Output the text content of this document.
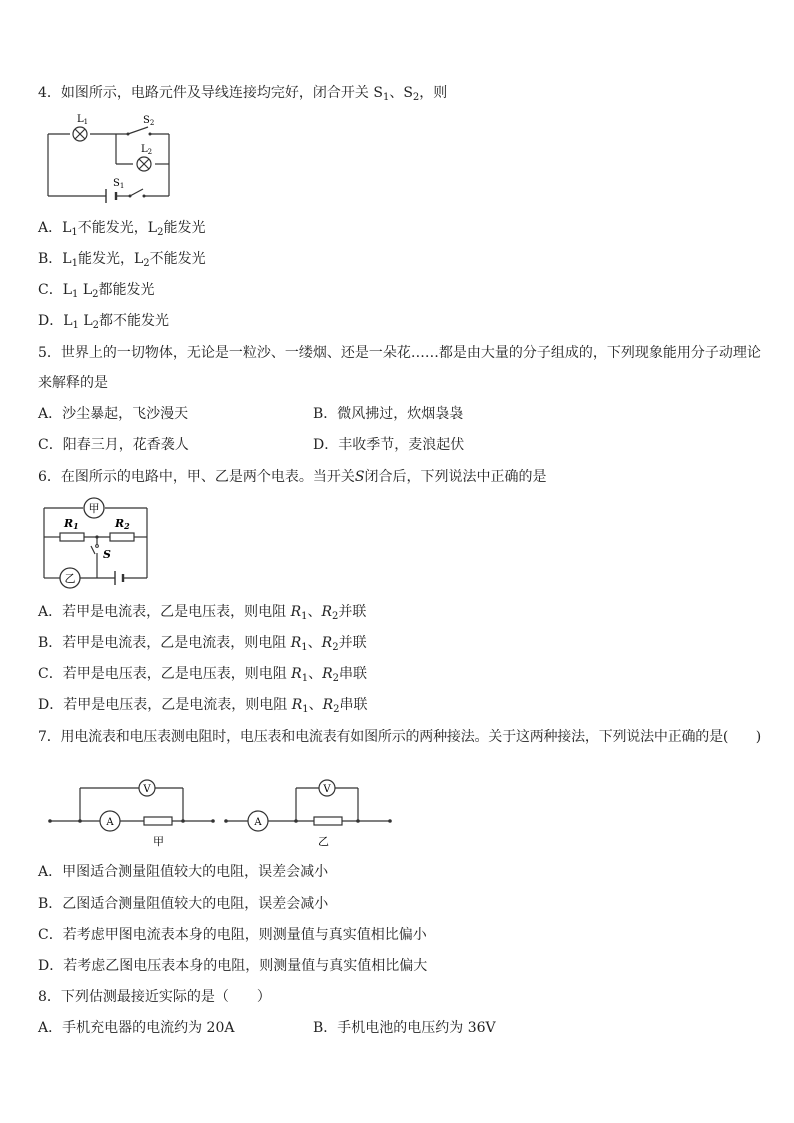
4．如图所示，电路元件及导线连接均完好，闭合开关 $S_1$、$S_2$，则
$L_1$
$L_2$
$S_2$
$S_1$
A．$L_1$不能发光，$L_2$能发光
B．$L_1$能发光，$L_2$不能发光
C．$L_1$ $L_2$都能发光
D．$L_1$ $L_2$都不能发光
5．世界上的一切物体，无论是一粒沙、一缕烟、还是一朵花……都是由大量的分子组成的，下列现象能用分子动理论
来解释的是
A．沙尘暴起，飞沙漫天	B．微风拂过，炊烟袅袅
C．阳春三月，花香袭人	D．丰收季节，麦浪起伏
6．在图所示的电路中，甲、乙是两个电表。当开关S闭合后，下列说法中正确的是
甲
乙
R1	R2
S
A．若甲是电流表，乙是电压表，则电阻 $R_1$、$R_2$并联
B．若甲是电流表，乙是电流表，则电阻 $R_1$、$R_2$并联
C．若甲是电压表，乙是电压表，则电阻 $R_1$、$R_2$串联
D．若甲是电压表，乙是电流表，则电阻 $R_1$、$R_2$串联
7．用电流表和电压表测电阻时，电压表和电流表有如图所示的两种接法。关于这两种接法，下列说法中正确的是(　　)
V
A
V
A
甲	乙
A．甲图适合测量阻值较大的电阻，误差会减小
B．乙图适合测量阻值较大的电阻，误差会减小
C．若考虑甲图电流表本身的电阻，则测量值与真实值相比偏小
D．若考虑乙图电压表本身的电阻，则测量值与真实值相比偏大
8．下列估测最接近实际的是（　　）
A．手机充电器的电流约为 20A	B．手机电池的电压约为 36V
